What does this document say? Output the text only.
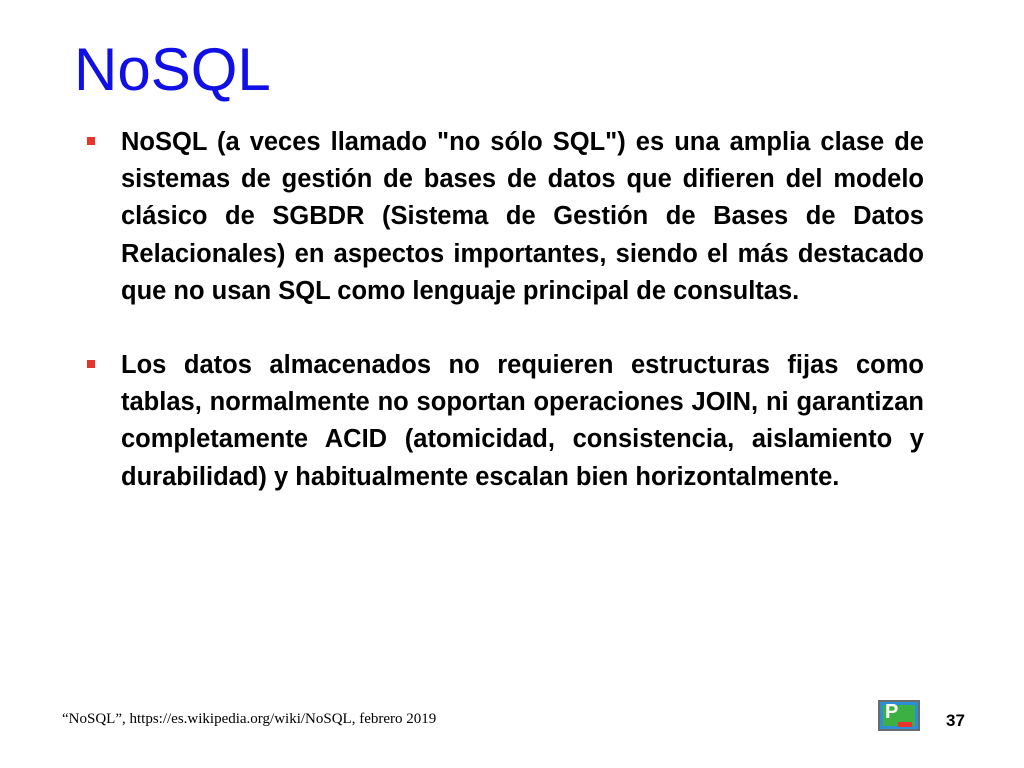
NoSQL
NoSQL (a veces llamado "no sólo SQL") es una amplia clase de sistemas de gestión de bases de datos que difieren del modelo clásico de SGBDR (Sistema de Gestión de Bases de Datos Relacionales) en aspectos importantes, siendo el más destacado que no usan SQL como lenguaje principal de consultas.
Los datos almacenados no requieren estructuras fijas como tablas, normalmente no soportan operaciones JOIN, ni garantizan completamente ACID (atomicidad, consistencia, aislamiento y durabilidad) y habitualmente escalan bien horizontalmente.
“NoSQL”, https://es.wikipedia.org/wiki/NoSQL, febrero 2019	P	37
